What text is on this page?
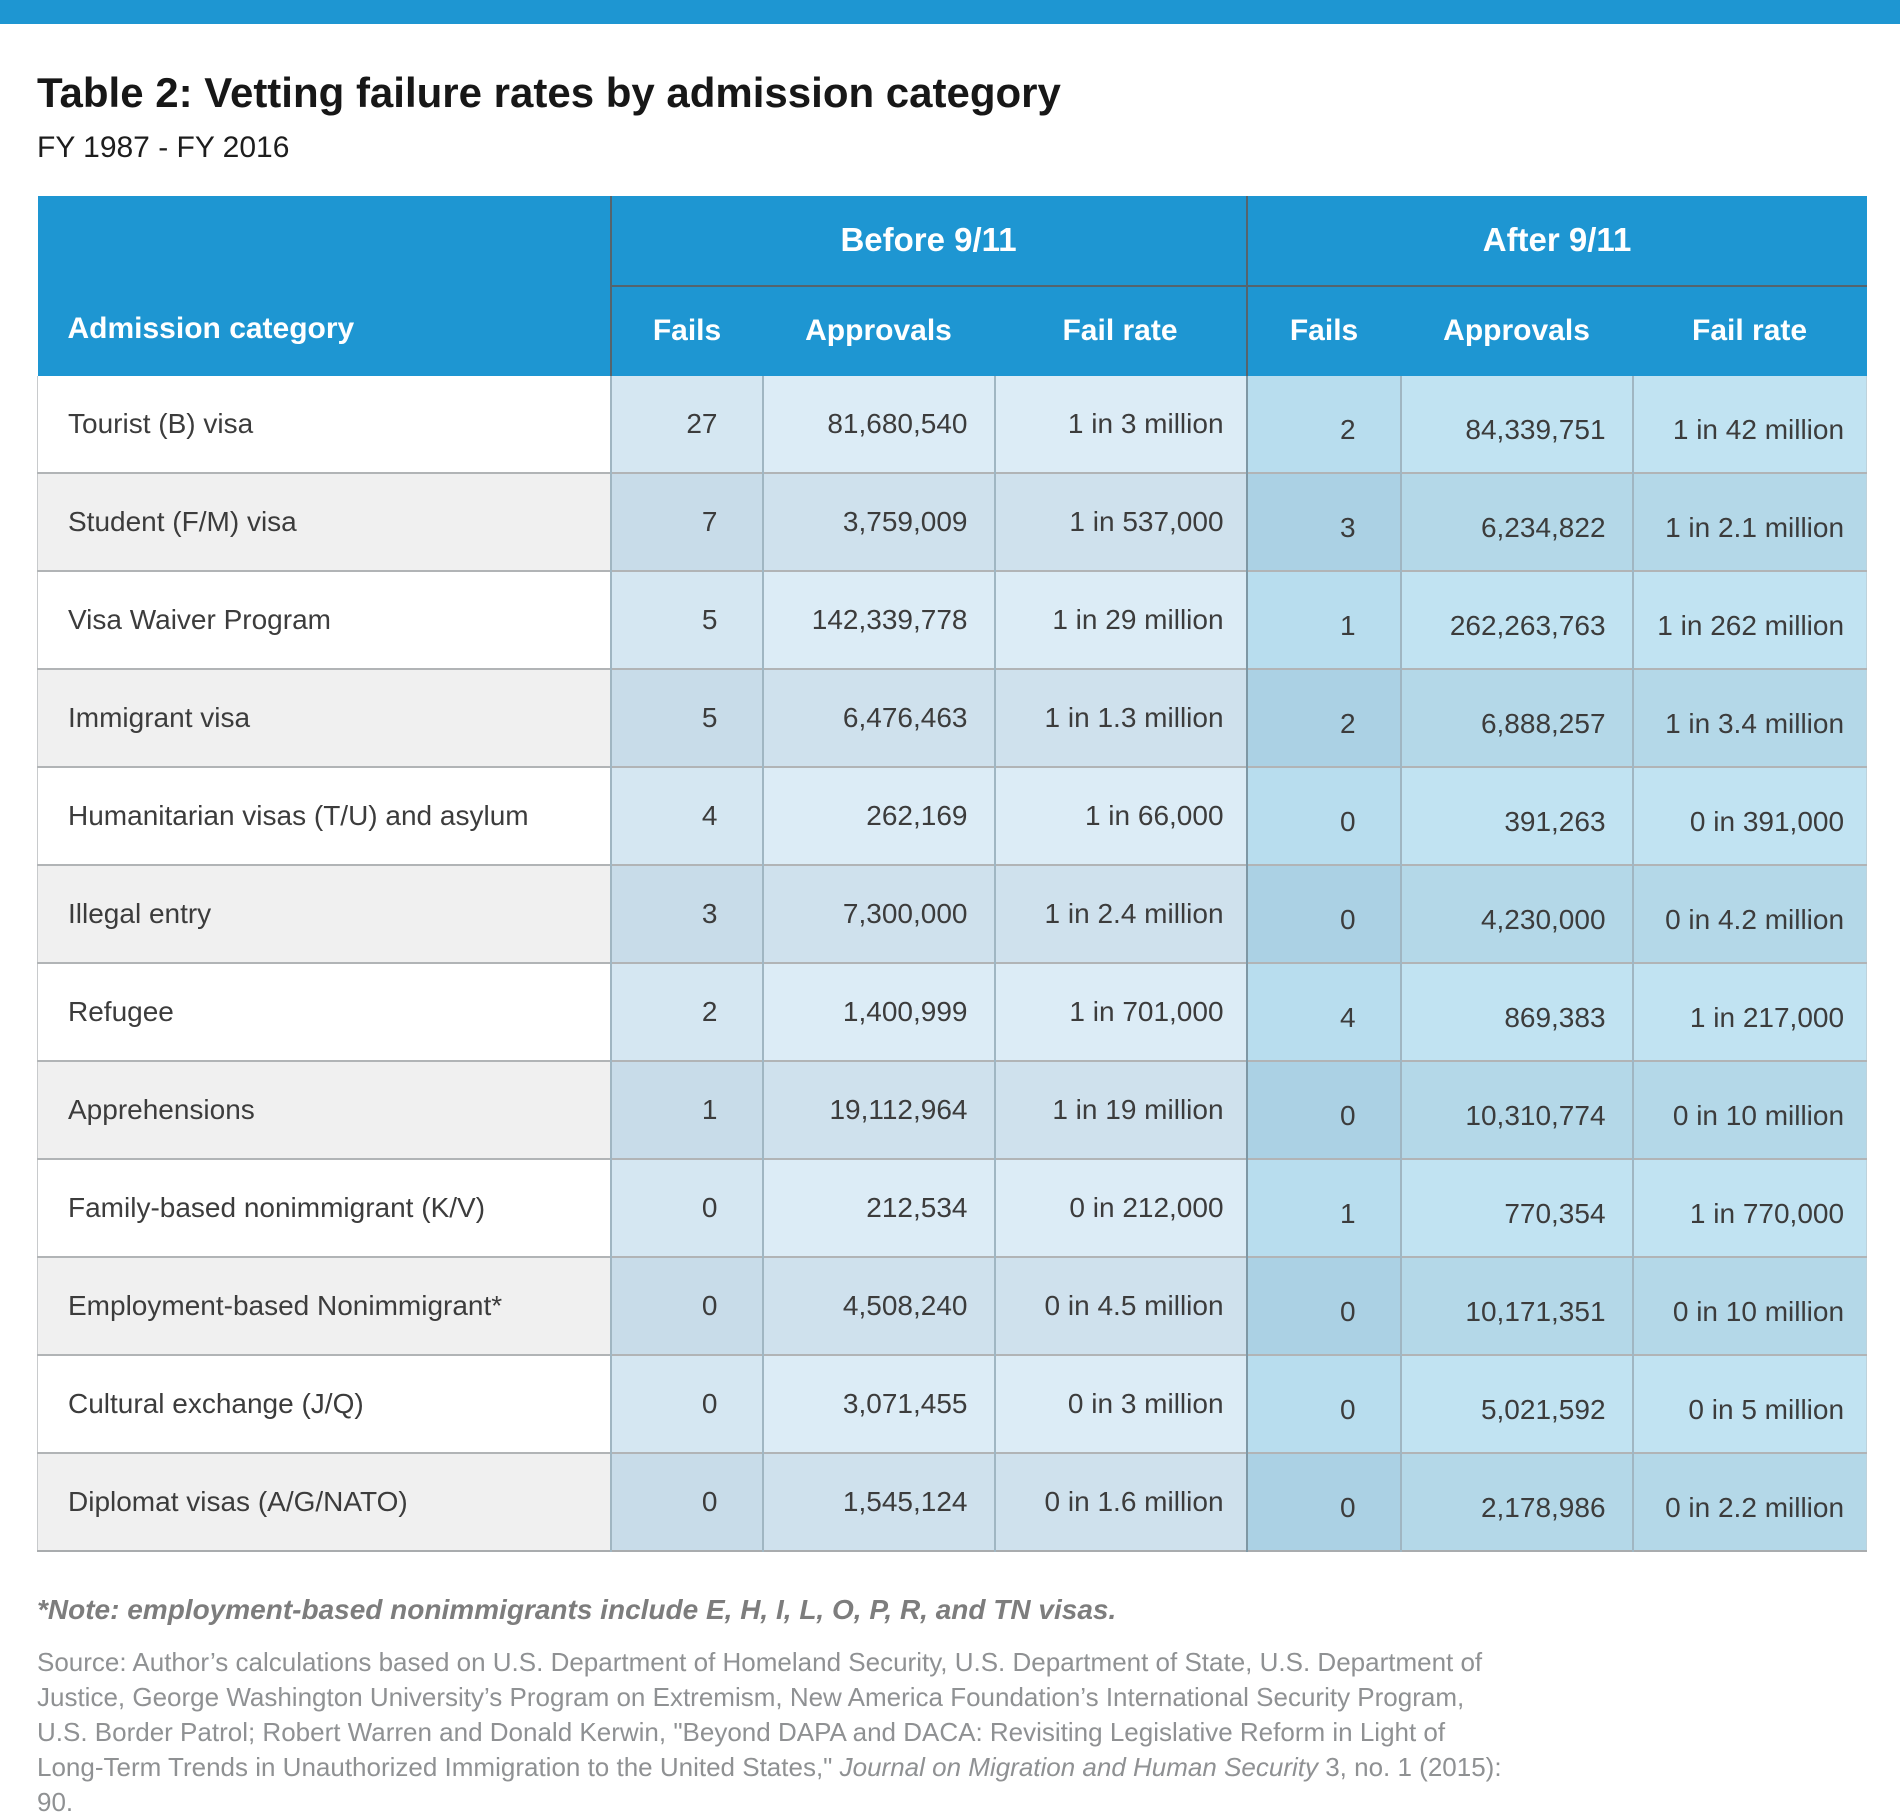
Table 2: Vetting failure rates by admission category
FY 1987 - FY 2016
Admission category	Before 9/11			After 9/11		
	Fails	Approvals	Fail rate	Fails	Approvals	Fail rate
Tourist (B) visa	27	81,680,540	1 in 3 million	2	84,339,751	1 in 42 million
Student (F/M) visa	7	3,759,009	1 in 537,000	3	6,234,822	1 in 2.1 million
Visa Waiver Program	5	142,339,778	1 in 29 million	1	262,263,763	1 in 262 million
Immigrant visa	5	6,476,463	1 in 1.3 million	2	6,888,257	1 in 3.4 million
Humanitarian visas (T/U) and asylum	4	262,169	1 in 66,000	0	391,263	0 in 391,000
Illegal entry	3	7,300,000	1 in 2.4 million	0	4,230,000	0 in 4.2 million
Refugee	2	1,400,999	1 in 701,000	4	869,383	1 in 217,000
Apprehensions	1	19,112,964	1 in 19 million	0	10,310,774	0 in 10 million
Family-based nonimmigrant (K/V)	0	212,534	0 in 212,000	1	770,354	1 in 770,000
Employment-based Nonimmigrant*	0	4,508,240	0 in 4.5 million	0	10,171,351	0 in 10 million
Cultural exchange (J/Q)	0	3,071,455	0 in 3 million	0	5,021,592	0 in 5 million
Diplomat visas (A/G/NATO)	0	1,545,124	0 in 1.6 million	0	2,178,986	0 in 2.2 million
*Note: employment-based nonimmigrants include E, H, I, L, O, P, R, and TN visas.

Source: Author’s calculations based on U.S. Department of Homeland Security, U.S. Department of State, U.S. Department of Justice, George Washington University’s Program on Extremism, New America Foundation’s International Security Program, U.S. Border Patrol; Robert Warren and Donald Kerwin, "Beyond DAPA and DACA: Revisiting Legislative Reform in Light of Long-Term Trends in Unauthorized Immigration to the United States," Journal on Migration and Human Security 3, no. 1 (2015): 90.
